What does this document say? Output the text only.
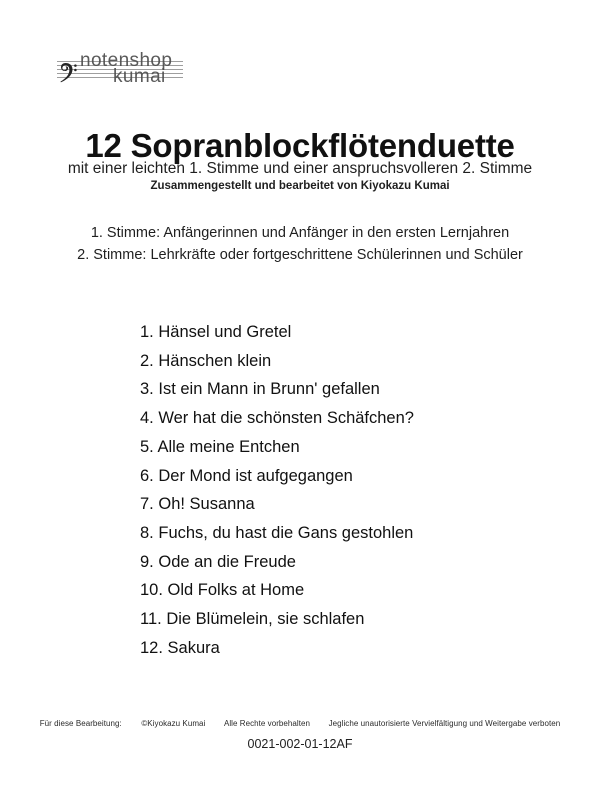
notenshop
kumai
12 Sopranblockflötenduette
mit einer leichten 1. Stimme und einer anspruchsvolleren 2. Stimme
Zusammengestellt und bearbeitet von Kiyokazu Kumai
1. Stimme: Anfängerinnen und Anfänger in den ersten Lernjahren
2. Stimme: Lehrkräfte oder fortgeschrittene Schülerinnen und Schüler
1. Hänsel und Gretel
2. Hänschen klein
3. Ist ein Mann in Brunn' gefallen
4. Wer hat die schönsten Schäfchen?
5. Alle meine Entchen
6. Der Mond ist aufgegangen
7. Oh! Susanna
8. Fuchs, du hast die Gans gestohlen
9. Ode an die Freude
10. Old Folks at Home
11. Die Blümelein, sie schlafen
12. Sakura
Für diese Bearbeitung: ©Kiyokazu Kumai Alle Rechte vorbehalten Jegliche unautorisierte Vervielfältigung und Weitergabe verboten
0021-002-01-12AF
